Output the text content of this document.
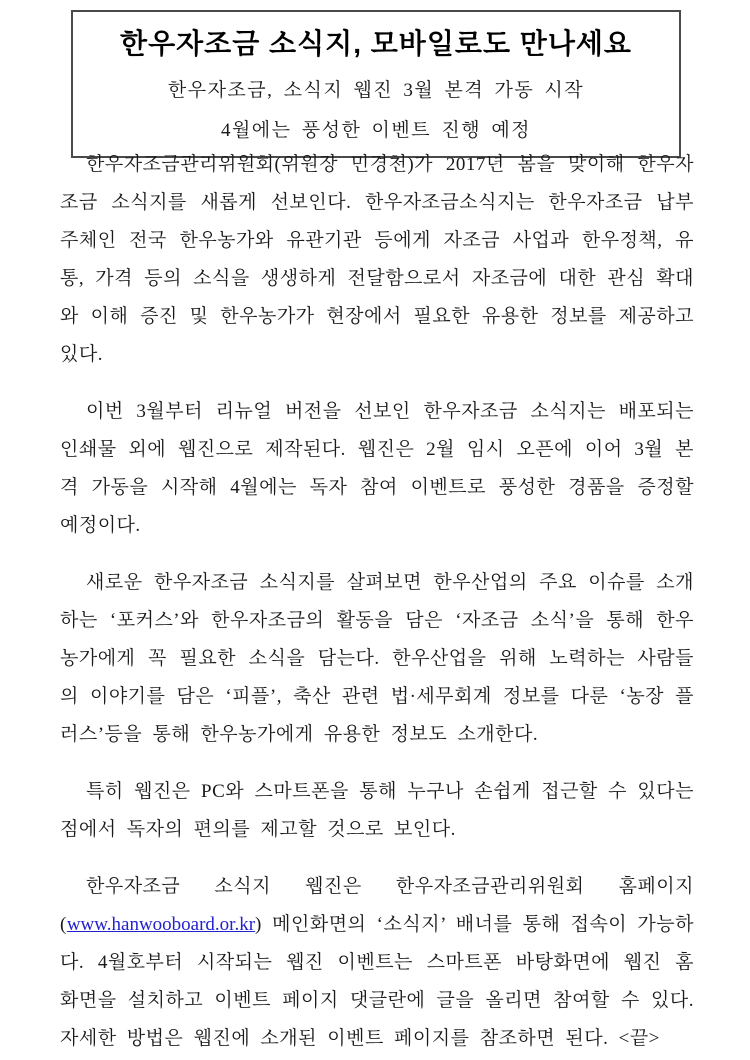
한우자조금 소식지, 모바일로도 만나세요

한우자조금, 소식지 웹진 3월 본격 가동 시작

4월에는 풍성한 이벤트 진행 예정

한우자조금관리위원회(위원장 민경천)가 2017년 봄을 맞이해 한우자조금 소식지를 새롭게 선보인다. 한우자조금소식지는 한우자조금 납부 주체인 전국 한우농가와 유관기관 등에게 자조금 사업과 한우정책, 유통, 가격 등의 소식을 생생하게 전달함으로서 자조금에 대한 관심 확대와 이해 증진 및 한우농가가 현장에서 필요한 유용한 정보를 제공하고 있다.

이번 3월부터 리뉴얼 버전을 선보인 한우자조금 소식지는 배포되는 인쇄물 외에 웹진으로 제작된다. 웹진은 2월 임시 오픈에 이어 3월 본격 가동을 시작해 4월에는 독자 참여 이벤트로 풍성한 경품을 증정할 예정이다.

새로운 한우자조금 소식지를 살펴보면 한우산업의 주요 이슈를 소개하는 ‘포커스’와 한우자조금의 활동을 담은 ‘자조금 소식’을 통해 한우농가에게 꼭 필요한 소식을 담는다. 한우산업을 위해 노력하는 사람들의 이야기를 담은 ‘피플’, 축산 관련 법·세무회계 정보를 다룬 ‘농장 플러스’등을 통해 한우농가에게 유용한 정보도 소개한다.

특히 웹진은 PC와 스마트폰을 통해 누구나 손쉽게 접근할 수 있다는 점에서 독자의 편의를 제고할 것으로 보인다.

한우자조금 소식지 웹진은 한우자조금관리위원회 홈페이지(www.hanwooboard.or.kr) 메인화면의 ‘소식지’ 배너를 통해 접속이 가능하다. 4월호부터 시작되는 웹진 이벤트는 스마트폰 바탕화면에 웹진 홈 화면을 설치하고 이벤트 페이지 댓글란에 글을 올리면 참여할 수 있다. 자세한 방법은 웹진에 소개된 이벤트 페이지를 참조하면 된다. <끝>
